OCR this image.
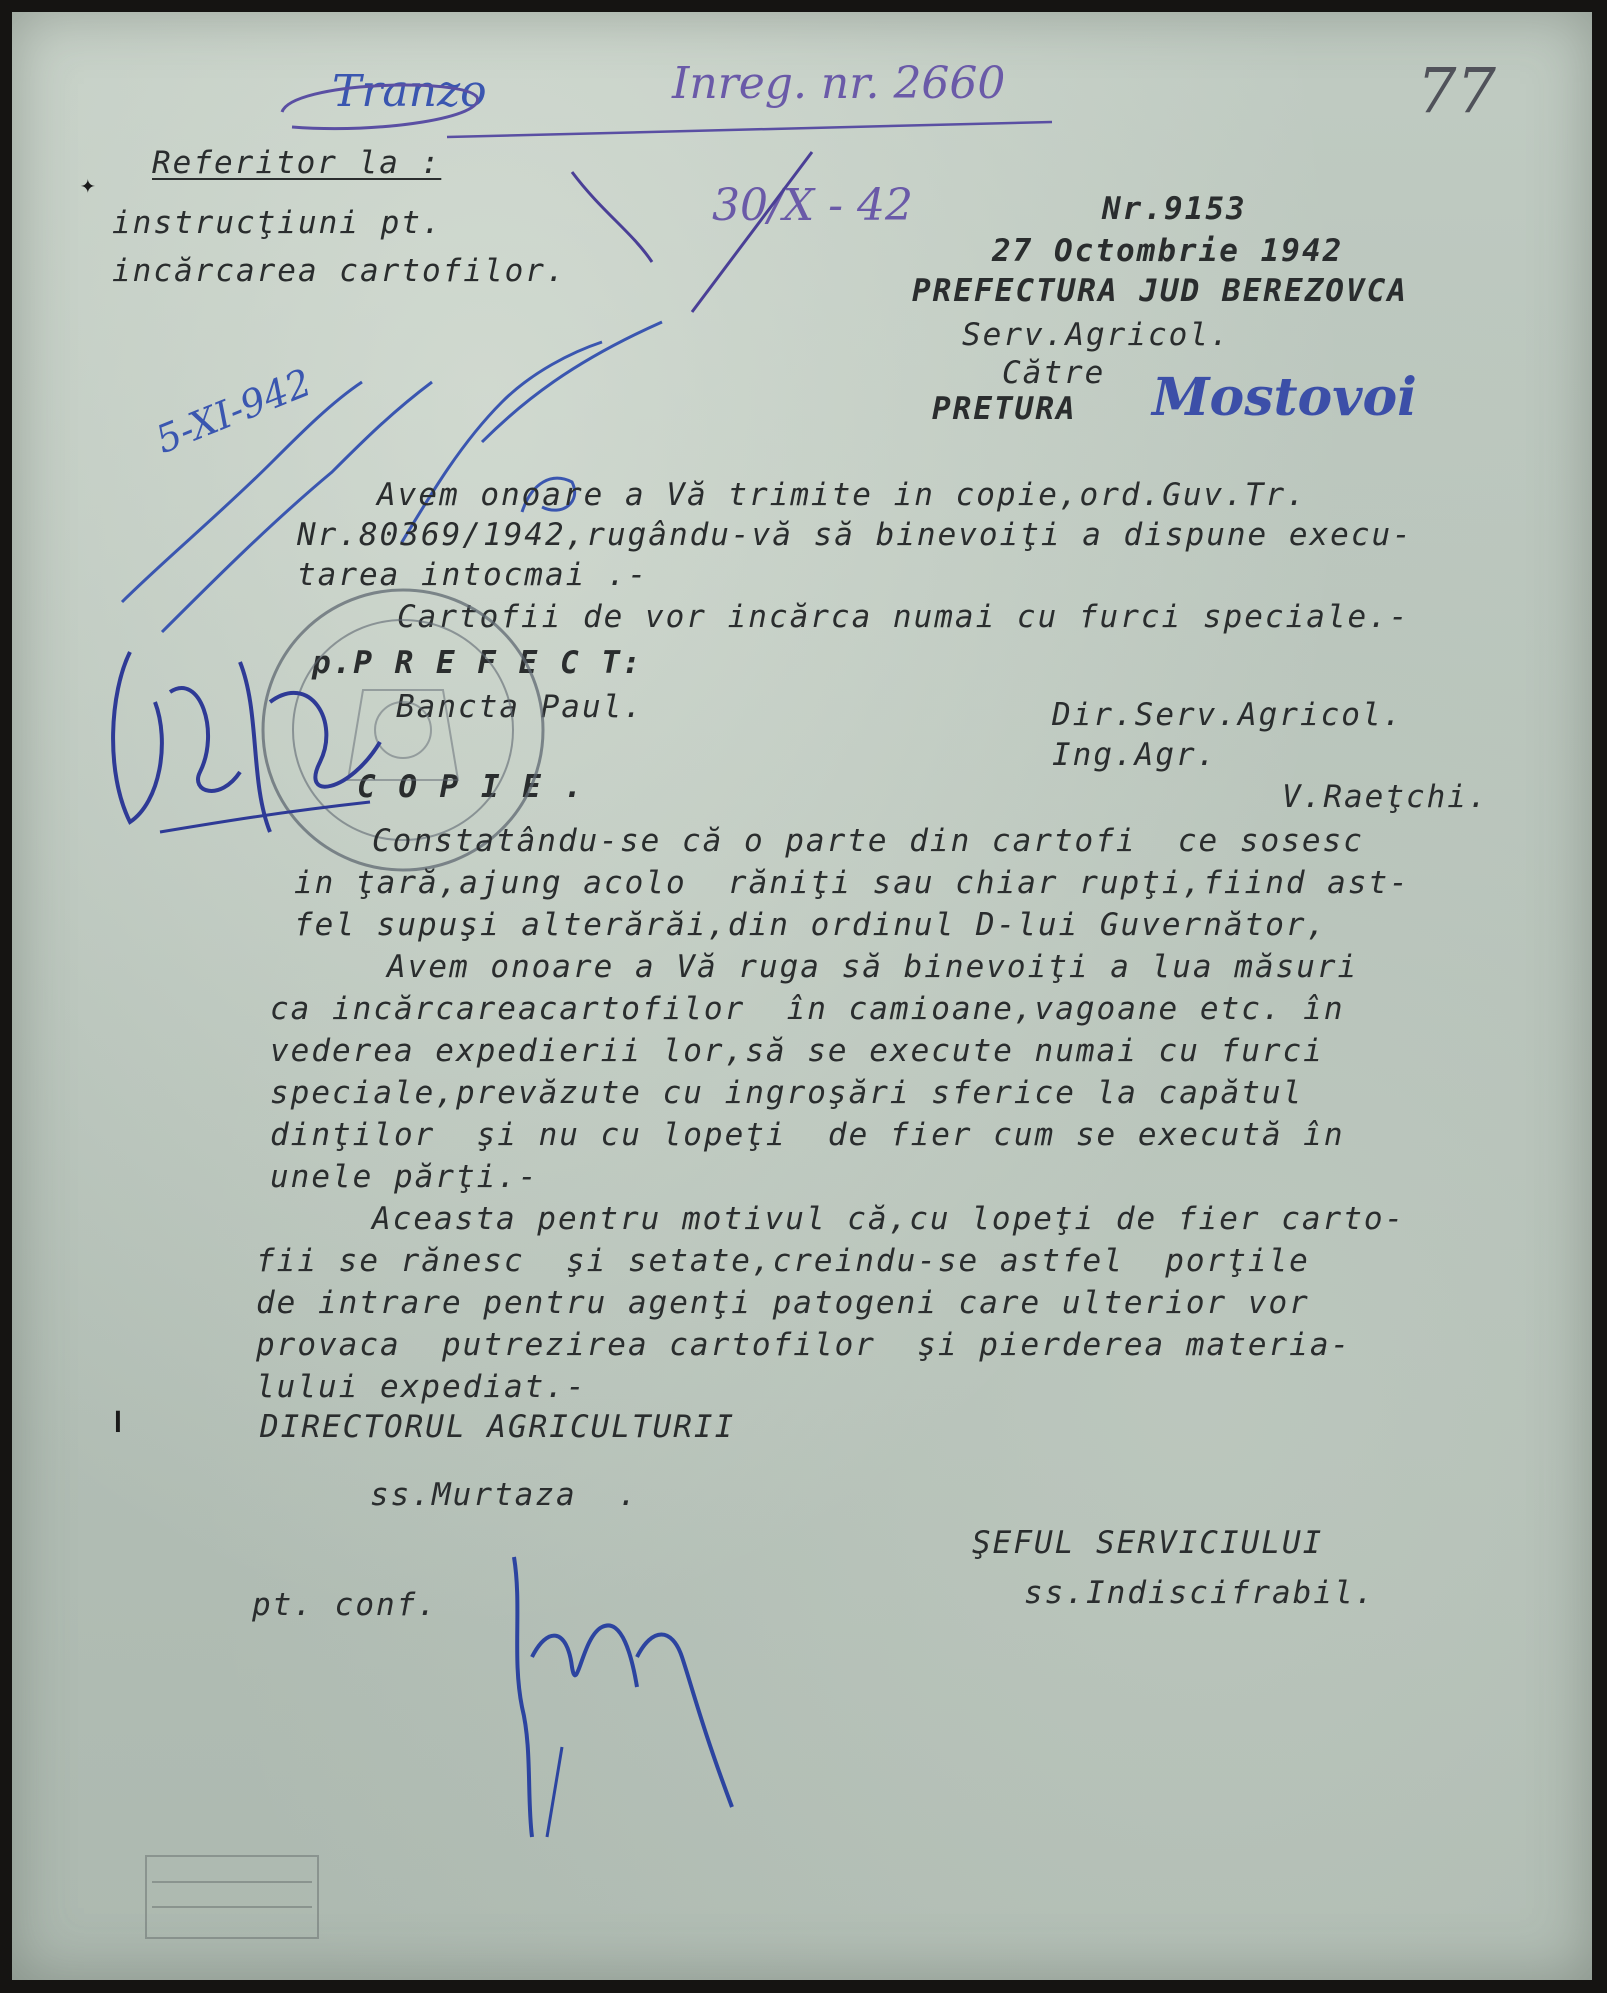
Tranzo	Inreg. nr. 2660
30/X - 42
77
Referitor la :
instrucţiuni pt.
incărcarea cartofilor.
✦
Nr.9153
27 Octombrie 1942
PREFECTURA JUD BEREZOVCA
Serv.Agricol.
Către
PRETURA Mostovoi
5-XI-942
Avem onoare a Vă trimite in copie,ord.Guv.Tr.
Nr.80369/1942,rugându-vă să binevoiţi a dispune execu-
tarea intocmai .-
Cartofii de vor incărca numai cu furci speciale.-
p.P R E F E C T:
Bancta Paul.	Dir.Serv.Agricol.
Ing.Agr.
V.Raeţchi.
C O P I E .
Constatându-se că o parte din cartofi  ce sosesc
in ţară,ajung acolo  răniţi sau chiar rupţi,fiind ast-
fel supuşi alterărăi,din ordinul D-lui Guvernător,
Avem onoare a Vă ruga să binevoiţi a lua măsuri
ca incărcareacartofilor  în camioane,vagoane etc. în
vederea expedierii lor,să se execute numai cu furci
speciale,prevăzute cu ingroşări sferice la capătul
dinţilor  şi nu cu lopeţi  de fier cum se execută în
unele părţi.-
Aceasta pentru motivul că,cu lopeţi de fier carto-
fii se rănesc  şi setate,creindu-se astfel  porţile
de intrare pentru agenţi patogeni care ulterior vor
provaca  putrezirea cartofilor  şi pierderea materia-
lului expediat.-
❙	DIRECTORUL AGRICULTURII
ss.Murtaza  .
ŞEFUL SERVICIULUI
ss.Indiscifrabil.
pt. conf.
